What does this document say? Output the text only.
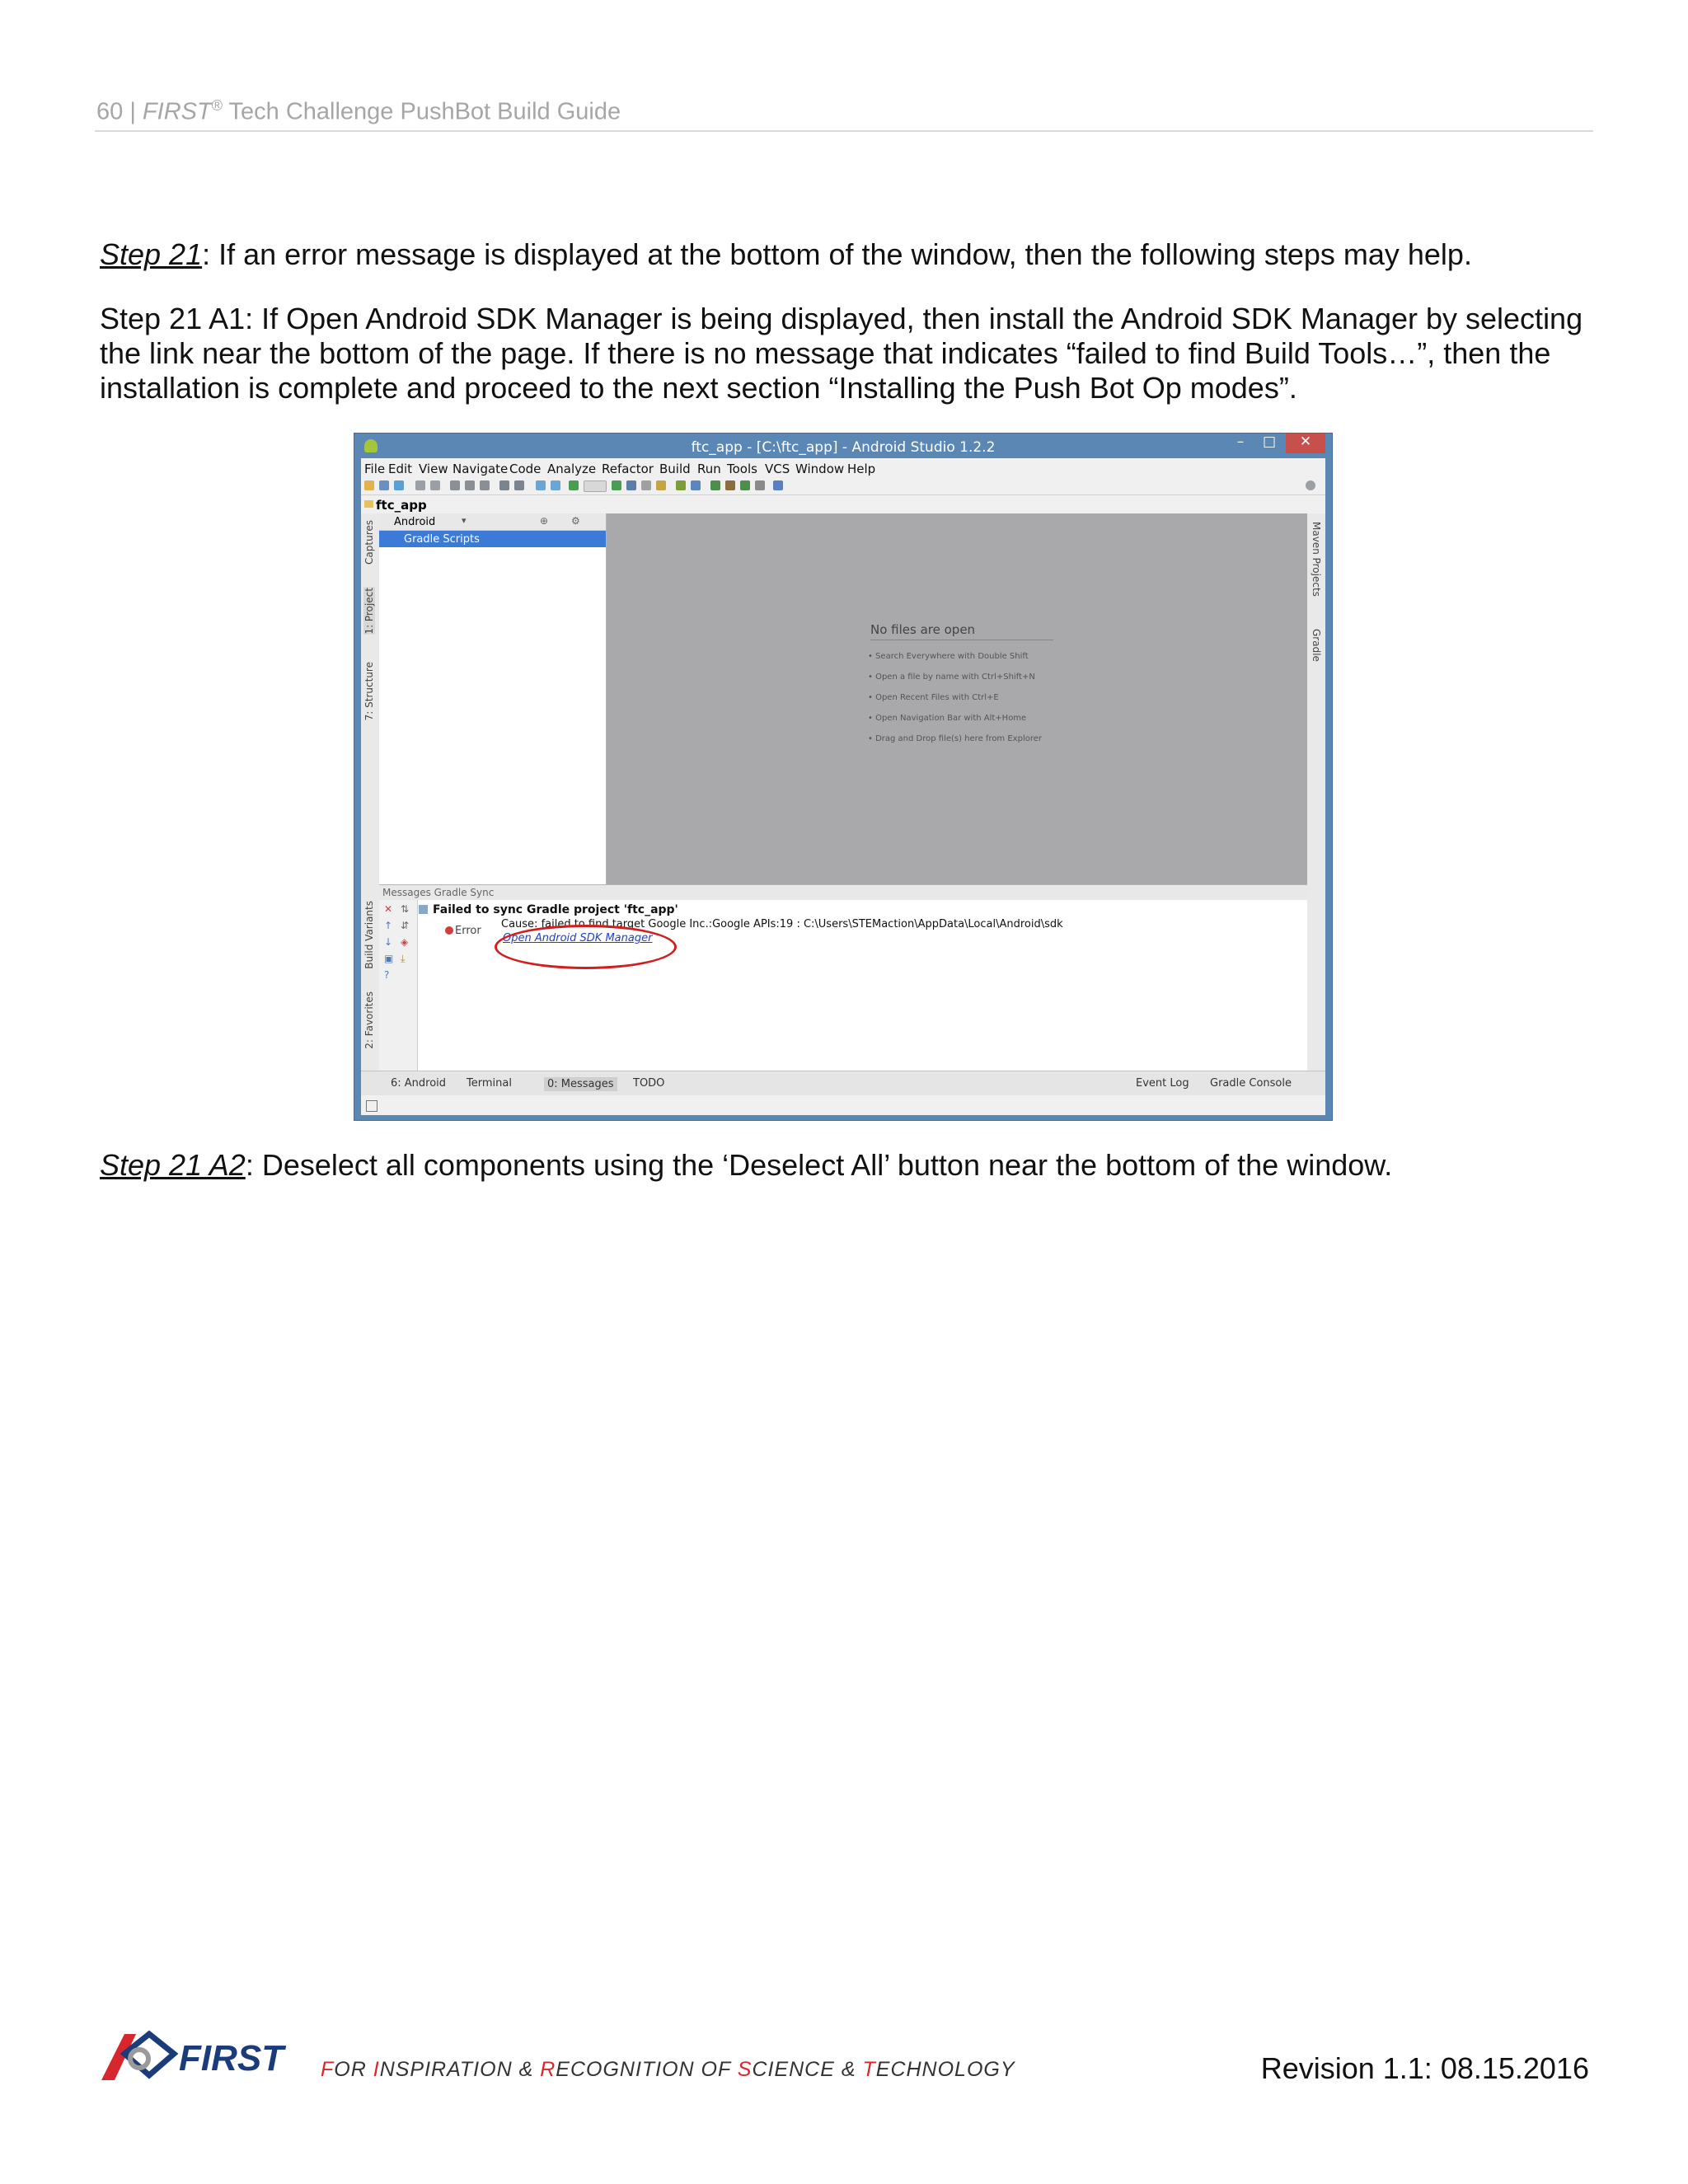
60 | FIRST® Tech Challenge PushBot Build Guide
Step 21: If an error message is displayed at the bottom of the window, then the following steps may help.
Step 21 A1: If Open Android SDK Manager is being displayed, then install the Android SDK Manager by selecting the link near the bottom of the page. If there is no message that indicates “failed to find Build Tools…”, then the installation is complete and proceed to the next section “Installing the Push Bot Op modes”.
ftc_app - [C:\ftc_app] - Android Studio 1.2.2	–	□	✕
File Edit View Navigate Code Analyze Refactor Build Run Tools VCS Window Help
ftc_app
Captures
1: Project
7: Structure
Build Variants
2: Favorites
Maven Projects
Gradle
Android	▾	⊕ ⚙
Gradle Scripts
No files are open
• Search Everywhere with Double Shift
• Open a file by name with Ctrl+Shift+N
• Open Recent Files with Ctrl+E
• Open Navigation Bar with Alt+Home
• Drag and Drop file(s) here from Explorer
Messages Gradle Sync
✕ ⇅
↑ ⇵
↓ ◈
▣ ⤓
?
Failed to sync Gradle project 'ftc_app'
Error
Cause: failed to find target Google Inc.:Google APIs:19 : C:\Users\STEMaction\AppData\Local\Android\sdk
Open Android SDK Manager
6: Android Terminal	0: Messages	TODO	Event Log Gradle Console
Step 21 A2: Deselect all components using the ‘Deselect All’ button near the bottom of the window.
FIRST FOR INSPIRATION & RECOGNITION OF SCIENCE & TECHNOLOGY	Revision 1.1: 08.15.2016
